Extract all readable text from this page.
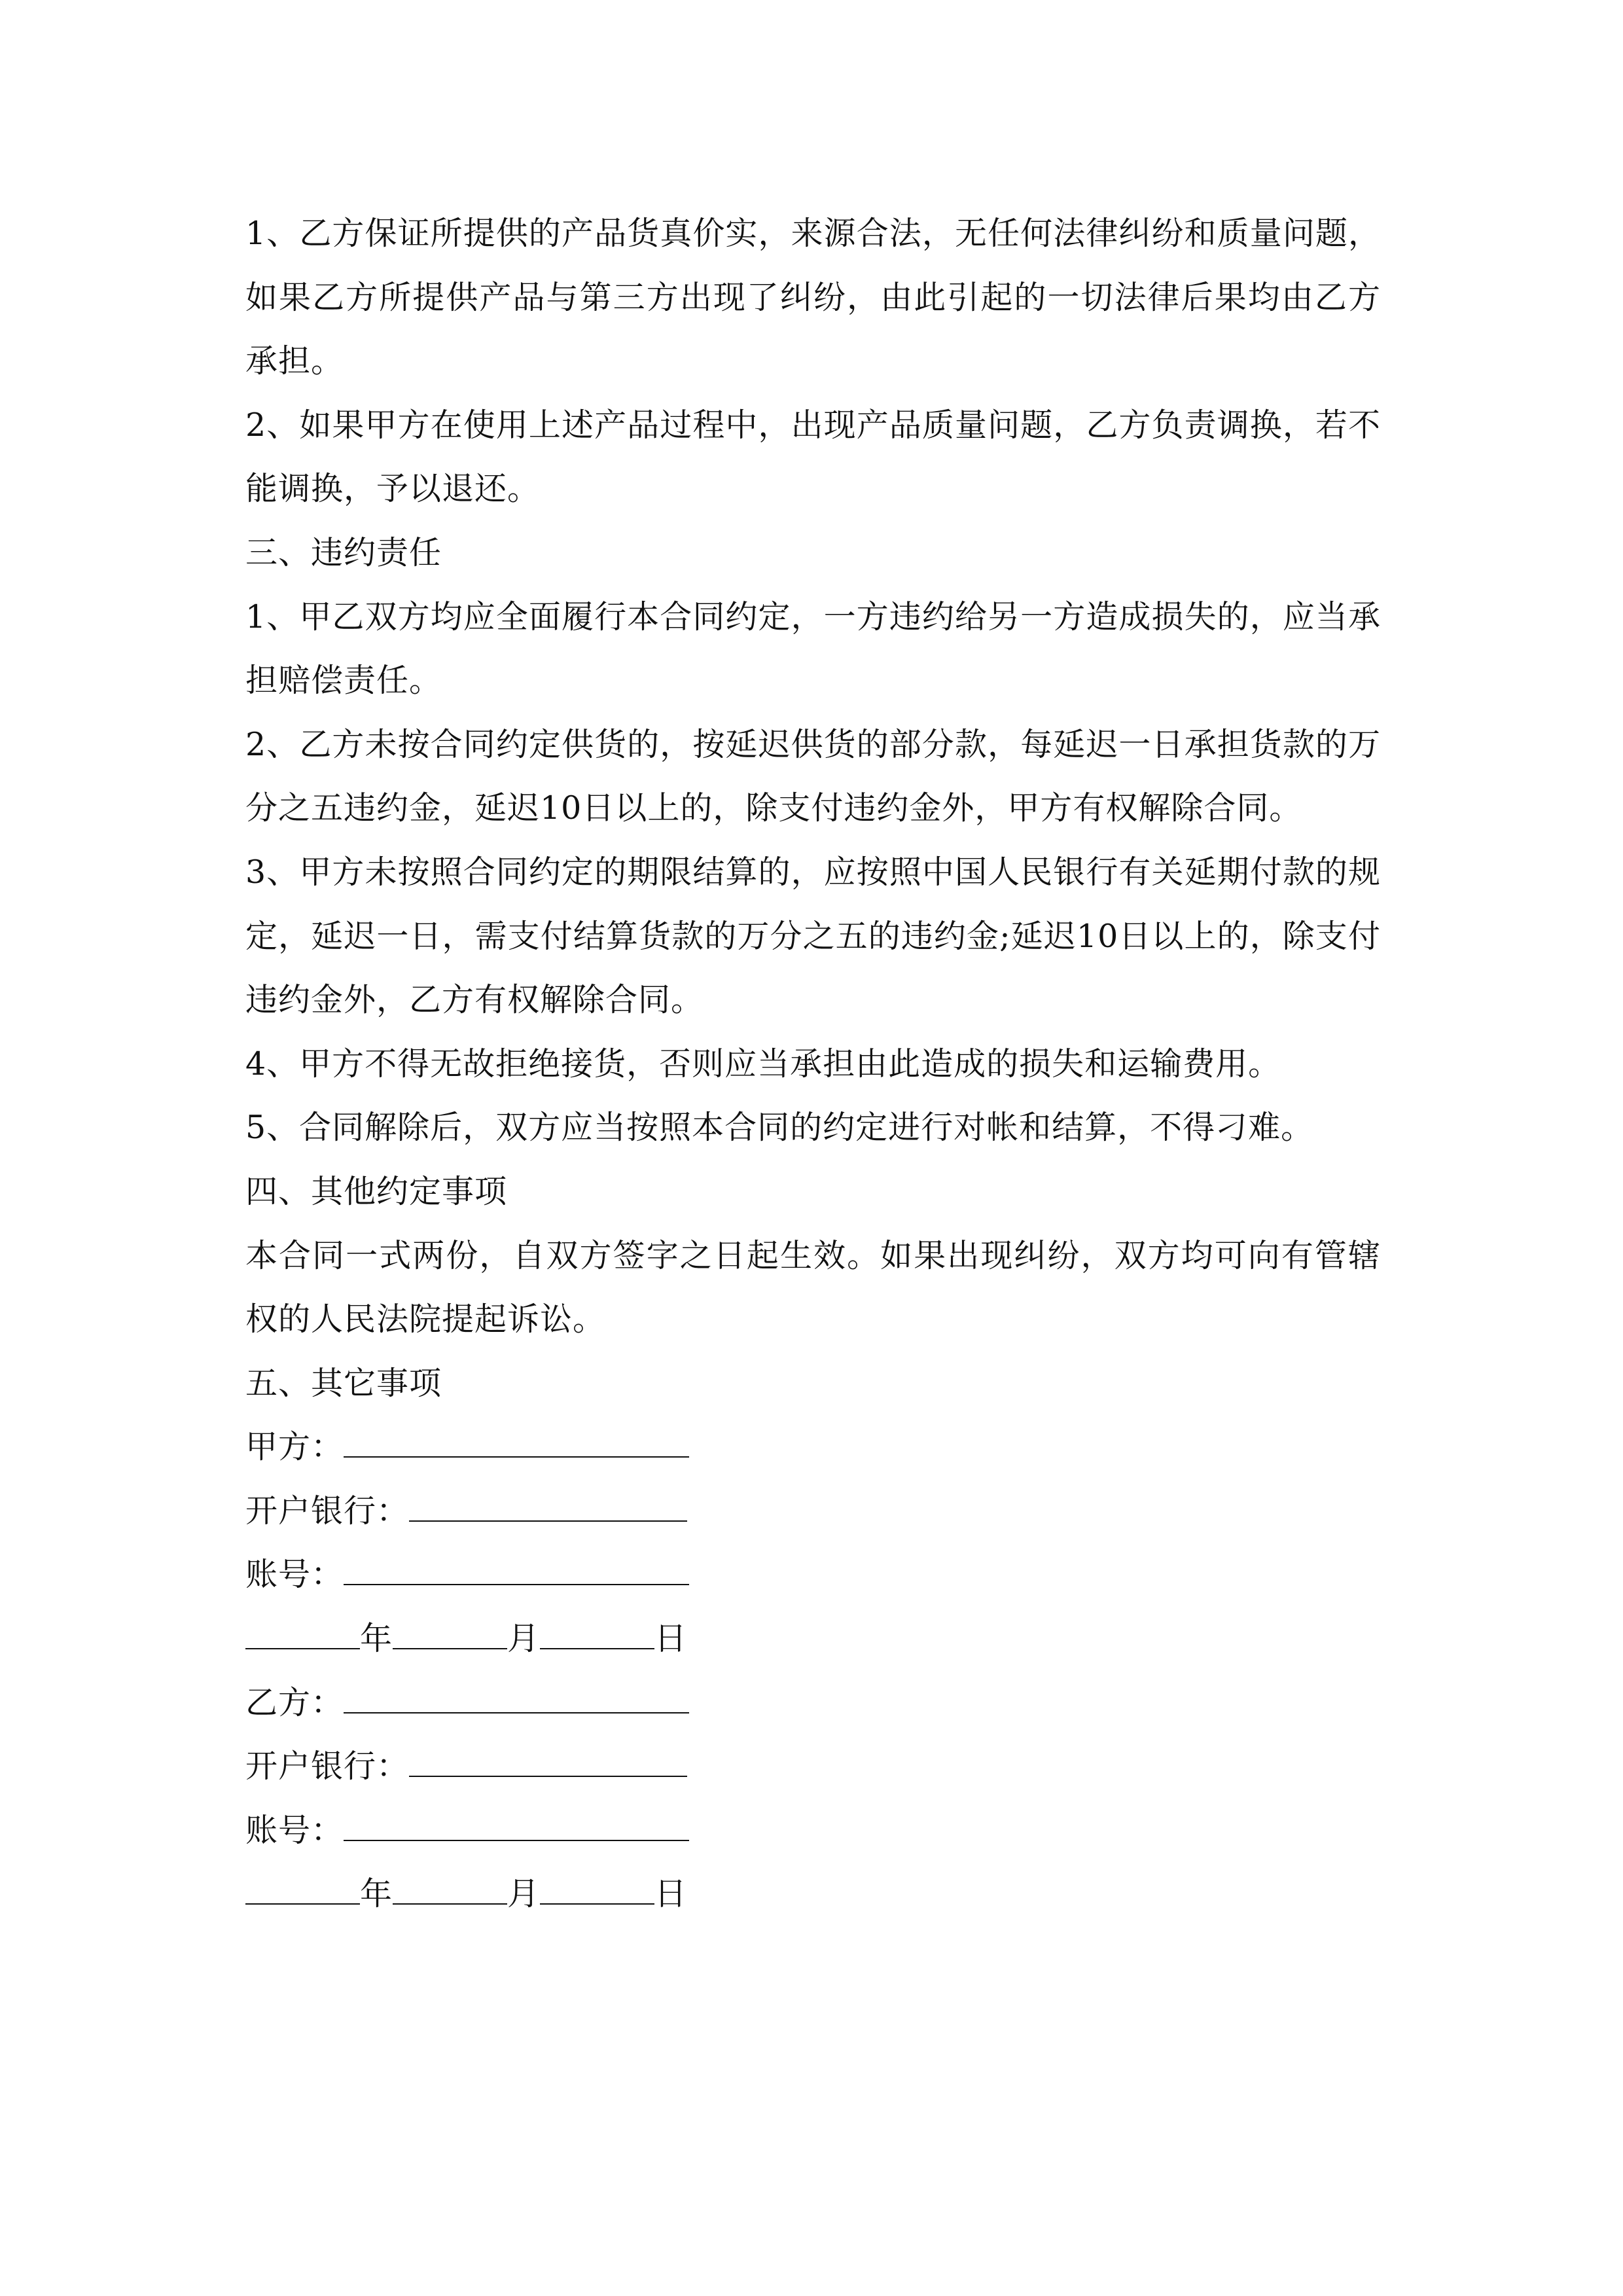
1、乙方保证所提供的产品货真价实，来源合法，无任何法律纠纷和质量问题，如果乙方所提供产品与第三方出现了纠纷，由此引起的一切法律后果均由乙方承担。

2、如果甲方在使用上述产品过程中，出现产品质量问题，乙方负责调换，若不能调换，予以退还。

三、违约责任

1、甲乙双方均应全面履行本合同约定，一方违约给另一方造成损失的，应当承担赔偿责任。

2、乙方未按合同约定供货的，按延迟供货的部分款，每延迟一日承担货款的万分之五违约金，延迟10日以上的，除支付违约金外，甲方有权解除合同。

3、甲方未按照合同约定的期限结算的，应按照中国人民银行有关延期付款的规定，延迟一日，需支付结算货款的万分之五的违约金;延迟10日以上的，除支付违约金外，乙方有权解除合同。

4、甲方不得无故拒绝接货，否则应当承担由此造成的损失和运输费用。

5、合同解除后，双方应当按照本合同的约定进行对帐和结算，不得刁难。

四、其他约定事项

本合同一式两份，自双方签字之日起生效。如果出现纠纷，双方均可向有管辖权的人民法院提起诉讼。

五、其它事项

甲方：
开户银行：
账号：
年	月	日
乙方：
开户银行：
账号：
年	月	日
